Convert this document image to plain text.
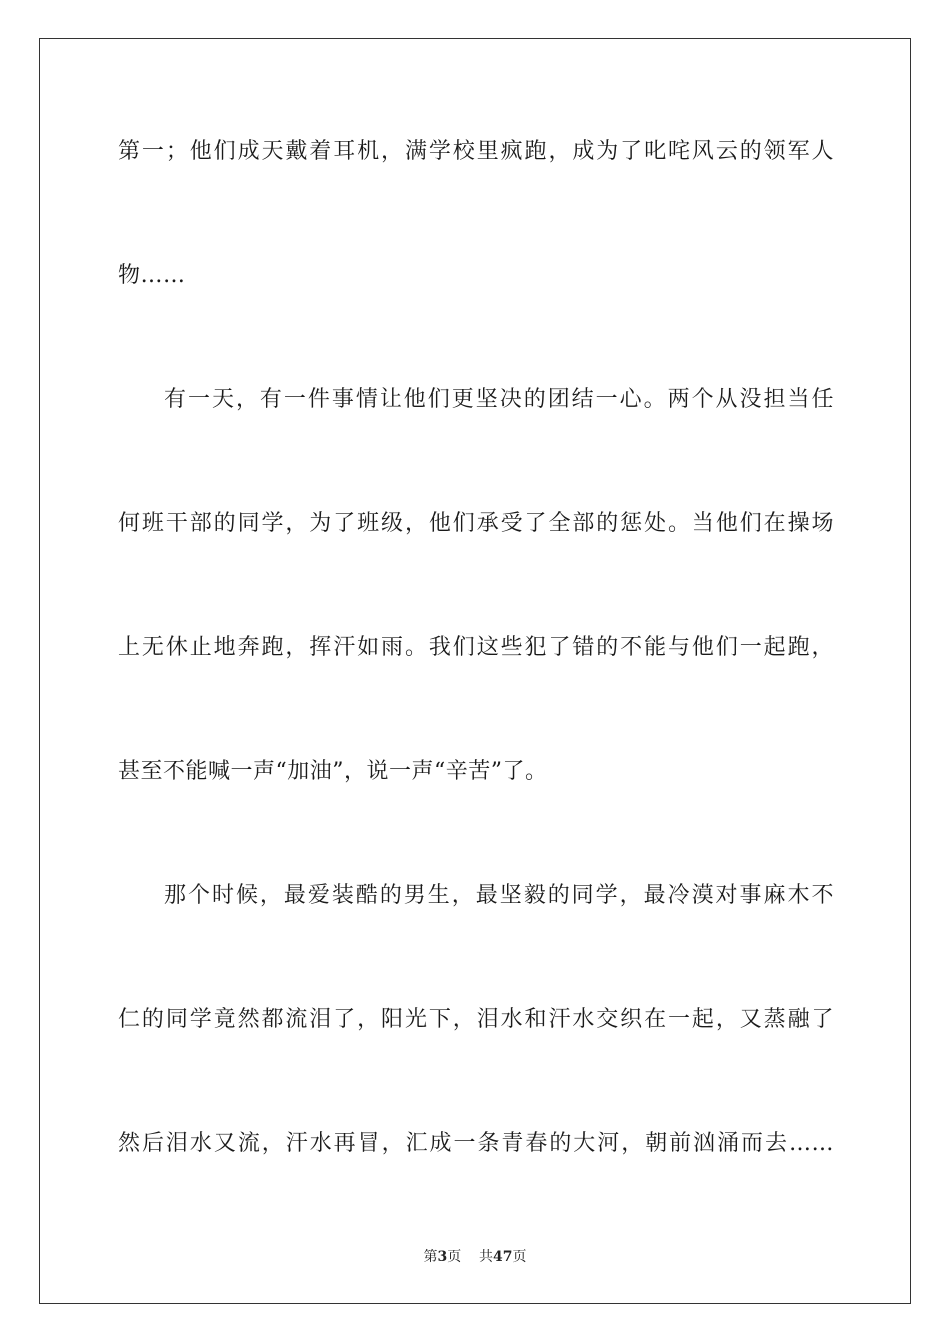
第一；他们成天戴着耳机，满学校里疯跑，成为了叱咤风云的领军人
物……
有一天，有一件事情让他们更坚决的团结一心。两个从没担当任
何班干部的同学，为了班级，他们承受了全部的惩处。当他们在操场
上无休止地奔跑，挥汗如雨。我们这些犯了错的不能与他们一起跑，
甚至不能喊一声“加油”，说一声“辛苦”了。
那个时候，最爱装酷的男生，最坚毅的同学，最冷漠对事麻木不
仁的同学竟然都流泪了，阳光下，泪水和汗水交织在一起，又蒸融了
然后泪水又流，汗水再冒，汇成一条青春的大河，朝前汹涌而去……
第3页 共47页
